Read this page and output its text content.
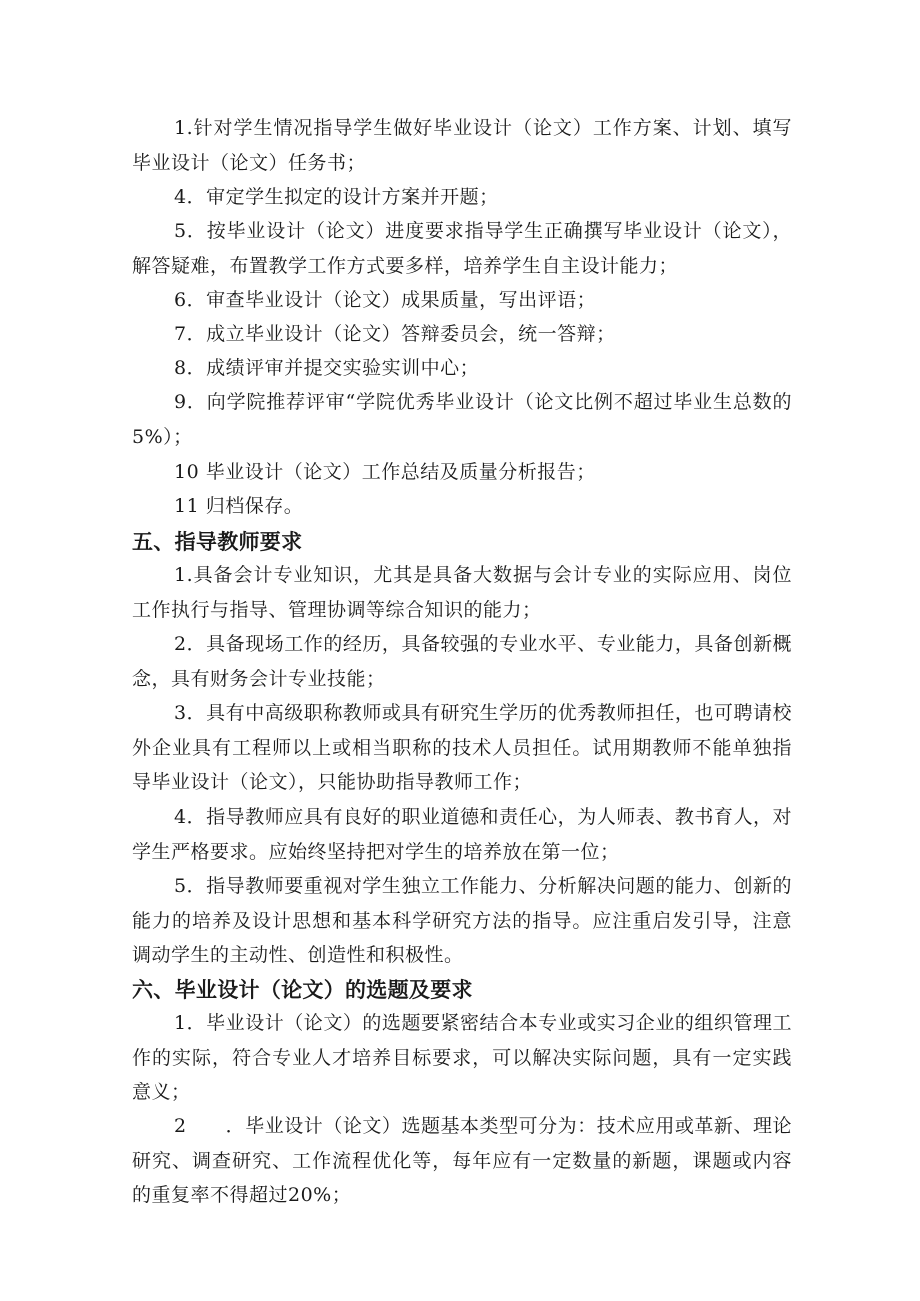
1.针对学生情况指导学生做好毕业设计（论文）工作方案、计划、填写毕业设计（论文）任务书；

4．审定学生拟定的设计方案并开题；

5．按毕业设计（论文）进度要求指导学生正确撰写毕业设计（论文），解答疑难，布置教学工作方式要多样，培养学生自主设计能力；

6．审查毕业设计（论文）成果质量，写出评语；

7．成立毕业设计（论文）答辩委员会，统一答辩；

8．成绩评审并提交实验实训中心；

9．向学院推荐评审“学院优秀毕业设计（论文比例不超过毕业生总数的5%）；

10 毕业设计（论文）工作总结及质量分析报告；

11 归档保存。

五、指导教师要求

1.具备会计专业知识，尤其是具备大数据与会计专业的实际应用、岗位工作执行与指导、管理协调等综合知识的能力；

2．具备现场工作的经历，具备较强的专业水平、专业能力，具备创新概念，具有财务会计专业技能；

3．具有中高级职称教师或具有研究生学历的优秀教师担任，也可聘请校外企业具有工程师以上或相当职称的技术人员担任。试用期教师不能单独指导毕业设计（论文），只能协助指导教师工作；

4．指导教师应具有良好的职业道德和责任心，为人师表、教书育人，对学生严格要求。应始终坚持把对学生的培养放在第一位；

5．指导教师要重视对学生独立工作能力、分析解决问题的能力、创新的能力的培养及设计思想和基本科学研究方法的指导。应注重启发引导，注意调动学生的主动性、创造性和积极性。

六、毕业设计（论文）的选题及要求

1．毕业设计（论文）的选题要紧密结合本专业或实习企业的组织管理工作的实际，符合专业人才培养目标要求，可以解决实际问题，具有一定实践意义；

2　　．毕业设计（论文）选题基本类型可分为：技术应用或革新、理论研究、调查研究、工作流程优化等，每年应有一定数量的新题，课题或内容的重复率不得超过20%；
